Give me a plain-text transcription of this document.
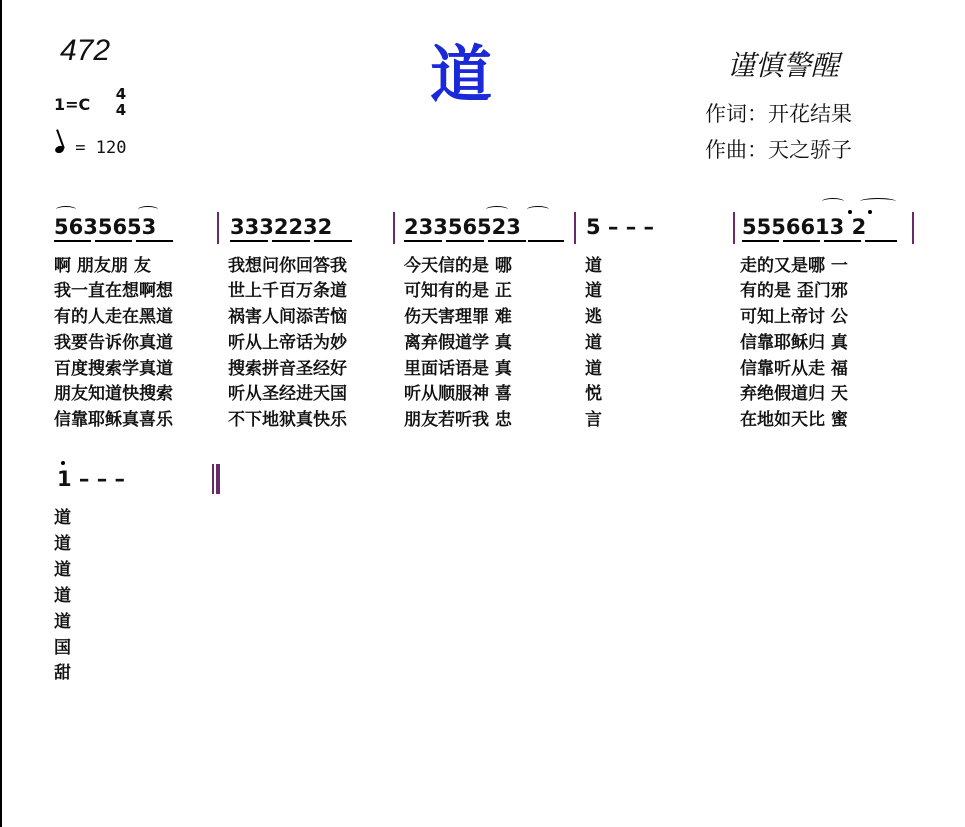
472	道	谨慎警醒
作词：开花结果
作曲：天之骄子
1=C
4
4
= 120
5635653	3332232	23356523	5 – – –	5556613 2
啊 朋友朋 友	我想问你回答我	今天信的是 哪	道	走的又是哪 一
我一直在想啊想	世上千百万条道	可知有的是 正	道	有的是 歪门邪
有的人走在黑道	祸害人间添苦恼	伤天害理罪 难	逃	可知上帝讨 公
我要告诉你真道	听从上帝话为妙	离弃假道学 真	道	信靠耶稣归 真
百度搜索学真道	搜索拼音圣经好	里面话语是 真	道	信靠听从走 福
朋友知道快搜索	听从圣经进天国	听从顺服神 喜	悦	弃绝假道归 天
信靠耶稣真喜乐	不下地狱真快乐	朋友若听我 忠	言	在地如天比 蜜
1 – – –
道
道
道
道
道
国
甜
